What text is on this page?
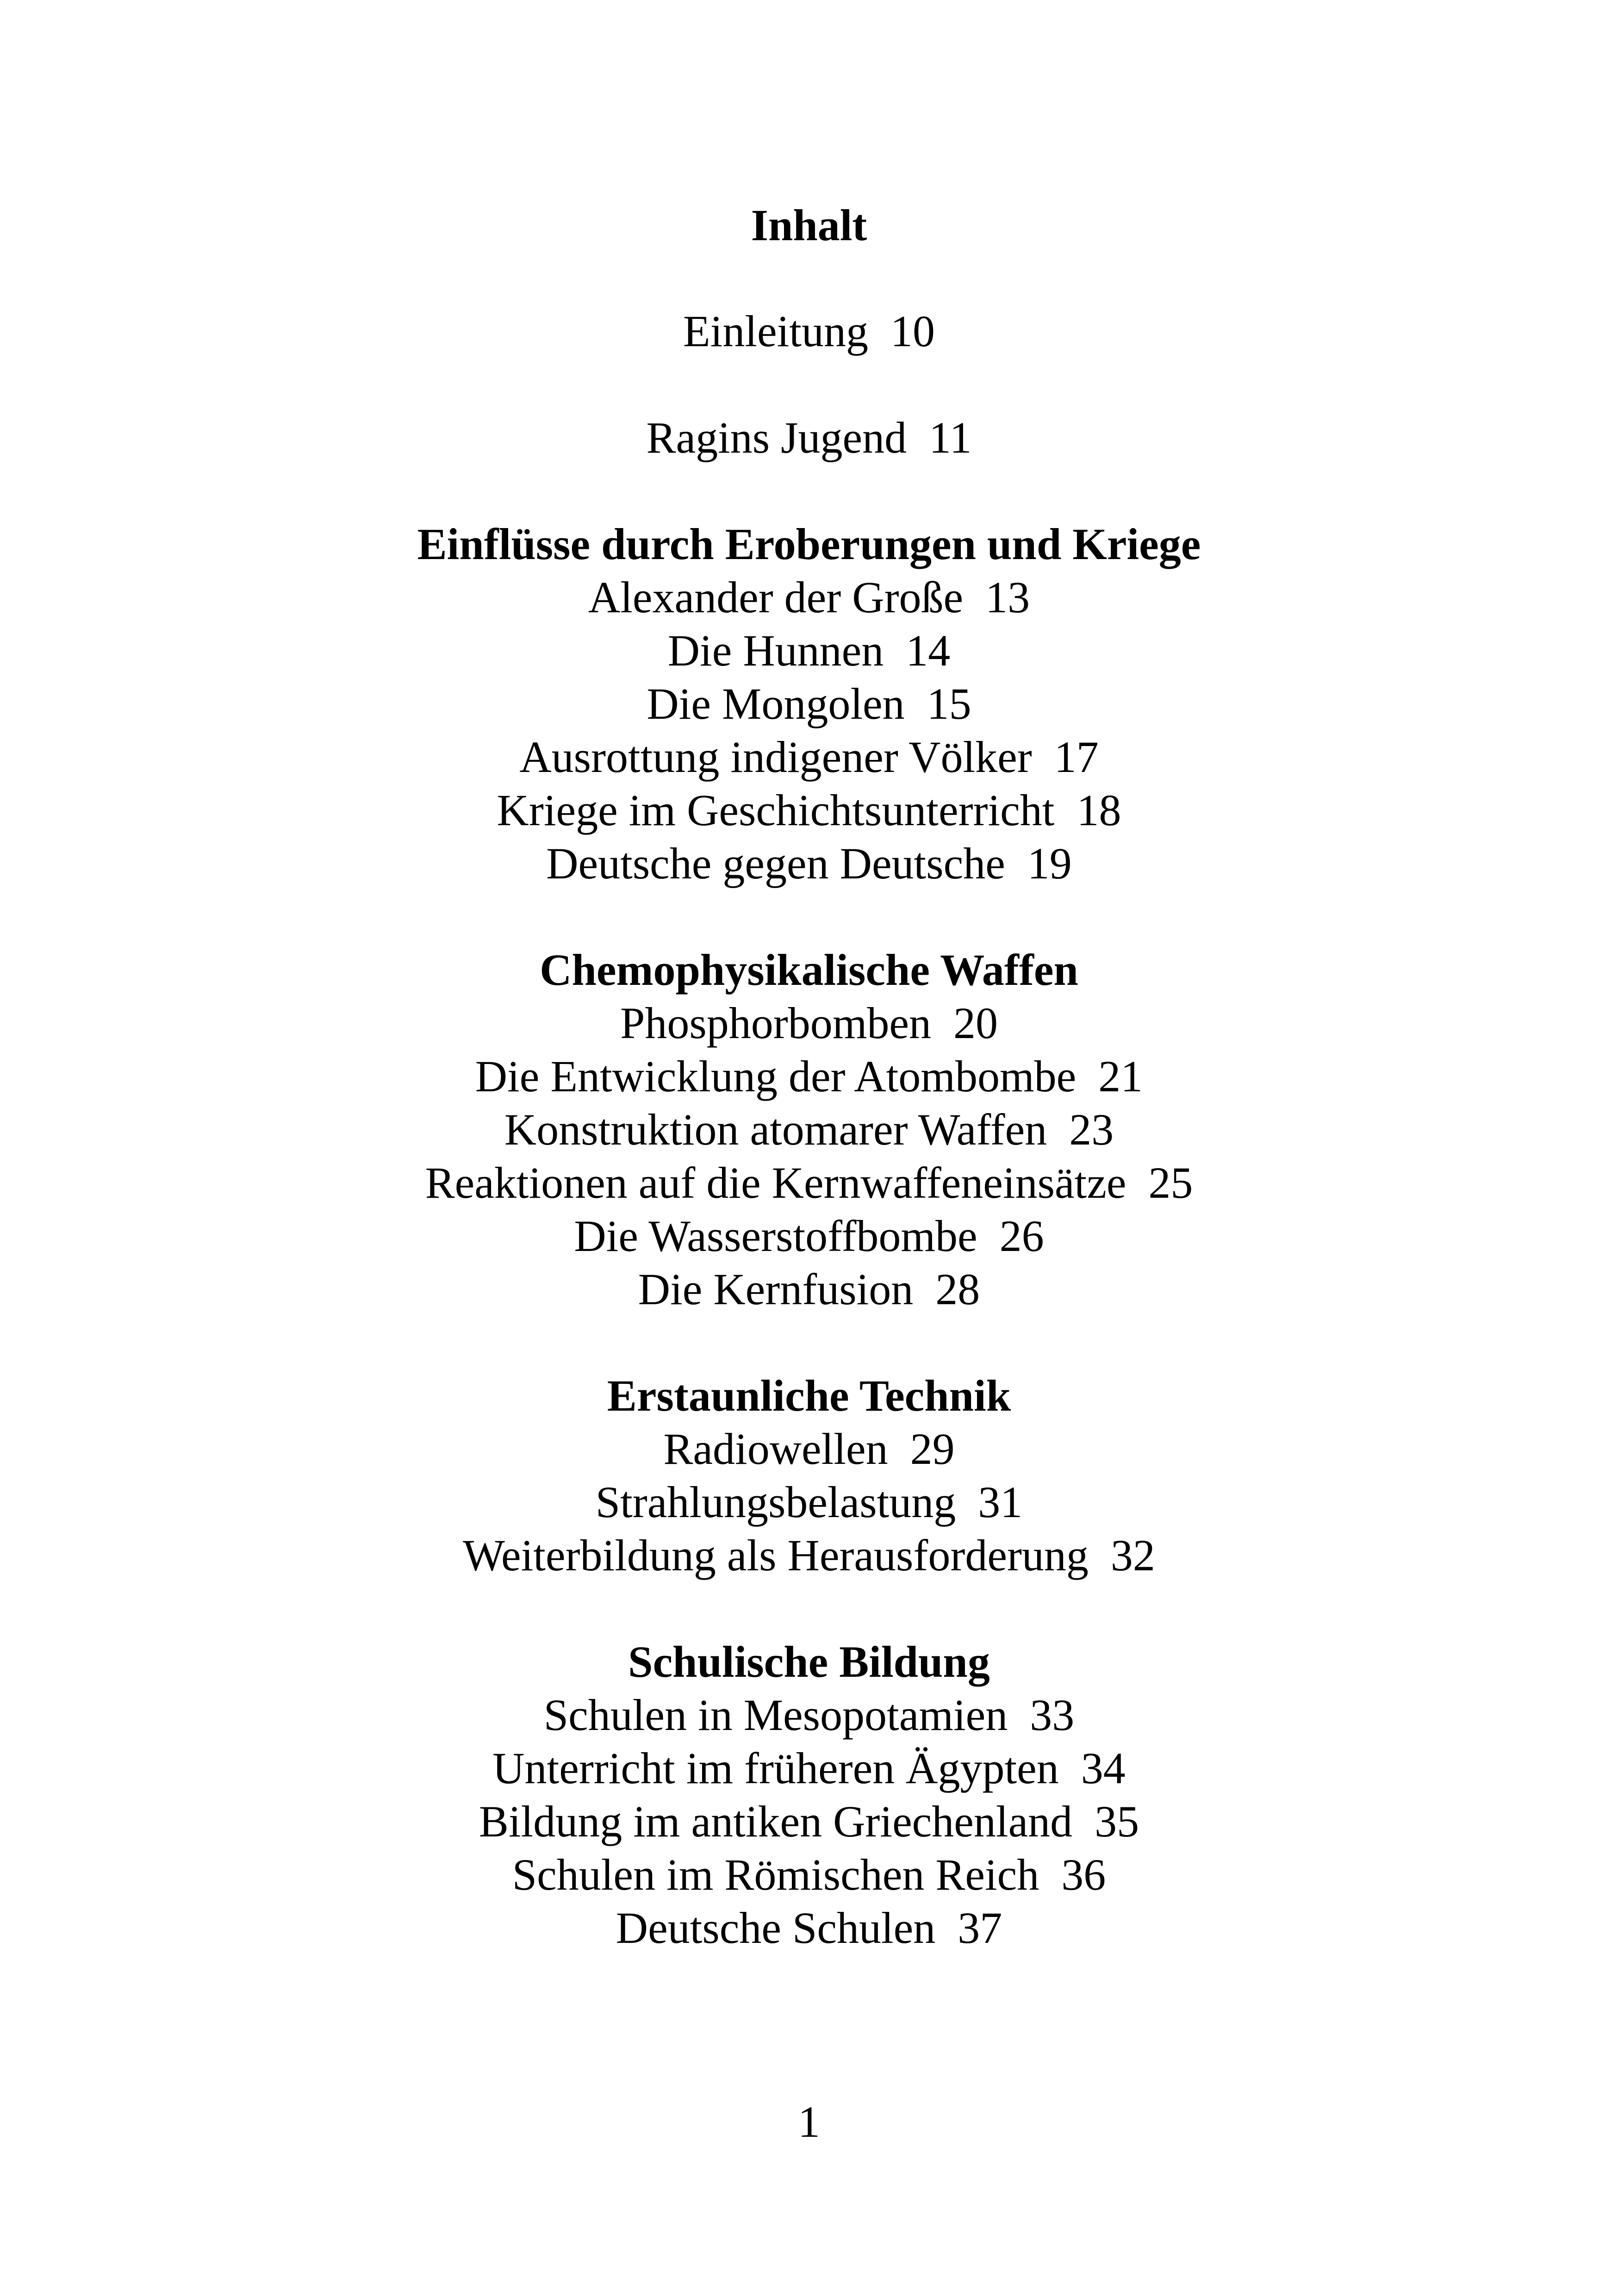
Inhalt
Einleitung  10
Ragins Jugend  11
Einflüsse durch Eroberungen und Kriege
Alexander der Große  13
Die Hunnen  14
Die Mongolen  15
Ausrottung indigener Völker  17
Kriege im Geschichtsunterricht  18
Deutsche gegen Deutsche  19
Chemophysikalische Waffen
Phosphorbomben  20
Die Entwicklung der Atombombe  21
Konstruktion atomarer Waffen  23
Reaktionen auf die Kernwaffeneinsätze  25
Die Wasserstoffbombe  26
Die Kernfusion  28
Erstaunliche Technik
Radiowellen  29
Strahlungsbelastung  31
Weiterbildung als Herausforderung  32
Schulische Bildung
Schulen in Mesopotamien  33
Unterricht im früheren Ägypten  34
Bildung im antiken Griechenland  35
Schulen im Römischen Reich  36
Deutsche Schulen  37
1
